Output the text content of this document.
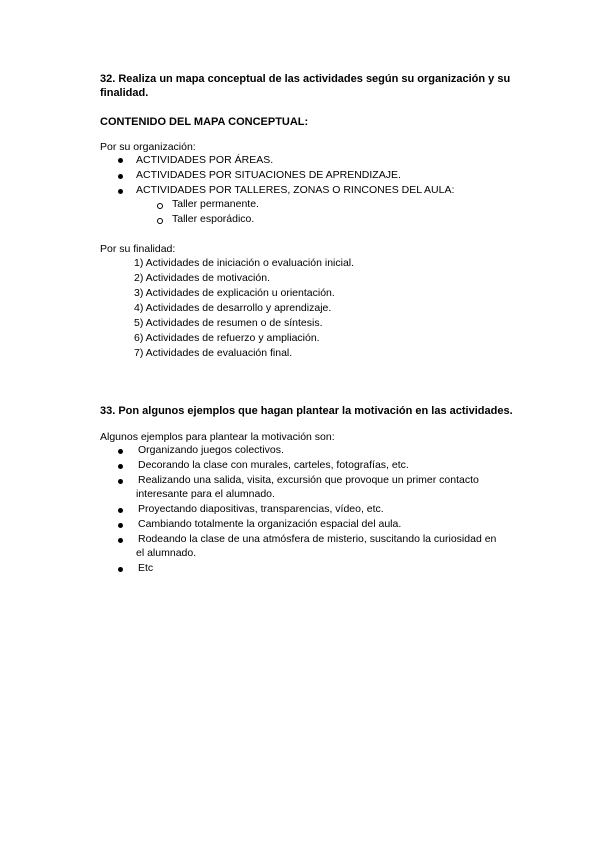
32. Realiza un mapa conceptual de las actividades según su organización y su
finalidad.
CONTENIDO DEL MAPA CONCEPTUAL:
Por su organización:
ACTIVIDADES POR ÁREAS.
ACTIVIDADES POR SITUACIONES DE APRENDIZAJE.
ACTIVIDADES POR TALLERES, ZONAS O RINCONES DEL AULA:
Taller permanente.
Taller esporádico.
Por su finalidad:
1) Actividades de iniciación o evaluación inicial.
2) Actividades de motivación.
3) Actividades de explicación u orientación.
4) Actividades de desarrollo y aprendizaje.
5) Actividades de resumen o de síntesis.
6) Actividades de refuerzo y ampliación.
7) Actividades de evaluación final.
33. Pon algunos ejemplos que hagan plantear la motivación en las actividades.
Algunos ejemplos para plantear la motivación son:
Organizando juegos colectivos.
Decorando la clase con murales, carteles, fotografías, etc.
Realizando una salida, visita, excursión que provoque un primer contacto
interesante para el alumnado.
Proyectando diapositivas, transparencias, vídeo, etc.
Cambiando totalmente la organización espacial del aula.
Rodeando la clase de una atmósfera de misterio, suscitando la curiosidad en
el alumnado.
Etc
